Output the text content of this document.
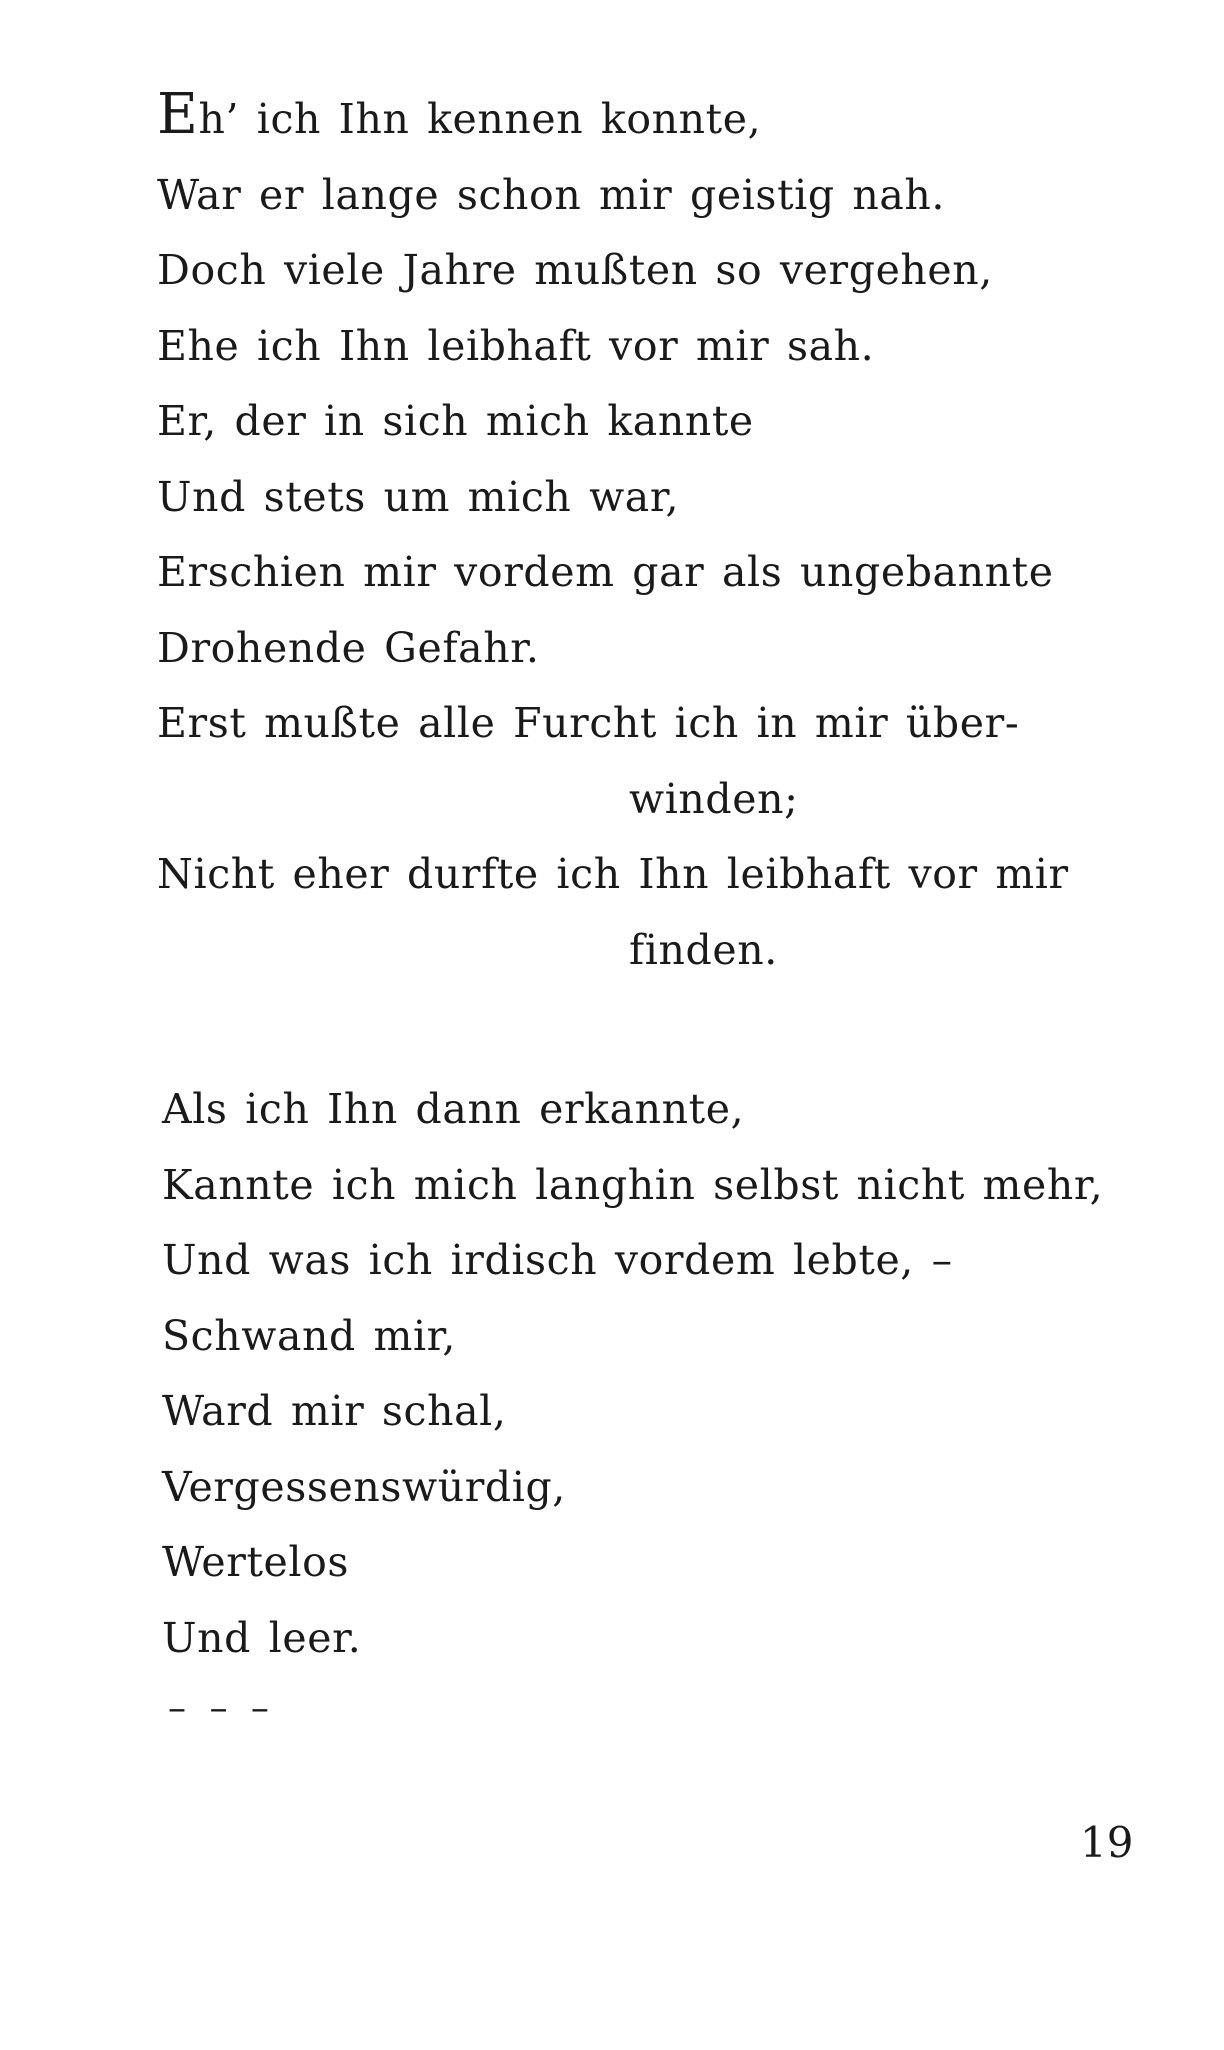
Eh’ ich Ihn kennen konnte,
War er lange schon mir geistig nah.
Doch viele Jahre mußten so vergehen,
Ehe ich Ihn leibhaft vor mir sah.
Er, der in sich mich kannte
Und stets um mich war,
Erschien mir vordem gar als ungebannte
Drohende Gefahr.
Erst mußte alle Furcht ich in mir über-
winden;
Nicht eher durfte ich Ihn leibhaft vor mir
finden.
Als ich Ihn dann erkannte,
Kannte ich mich langhin selbst nicht mehr,
Und was ich irdisch vordem lebte, –
Schwand mir,
Ward mir schal,
Vergessenswürdig,
Wertelos
Und leer.
– – –
19
